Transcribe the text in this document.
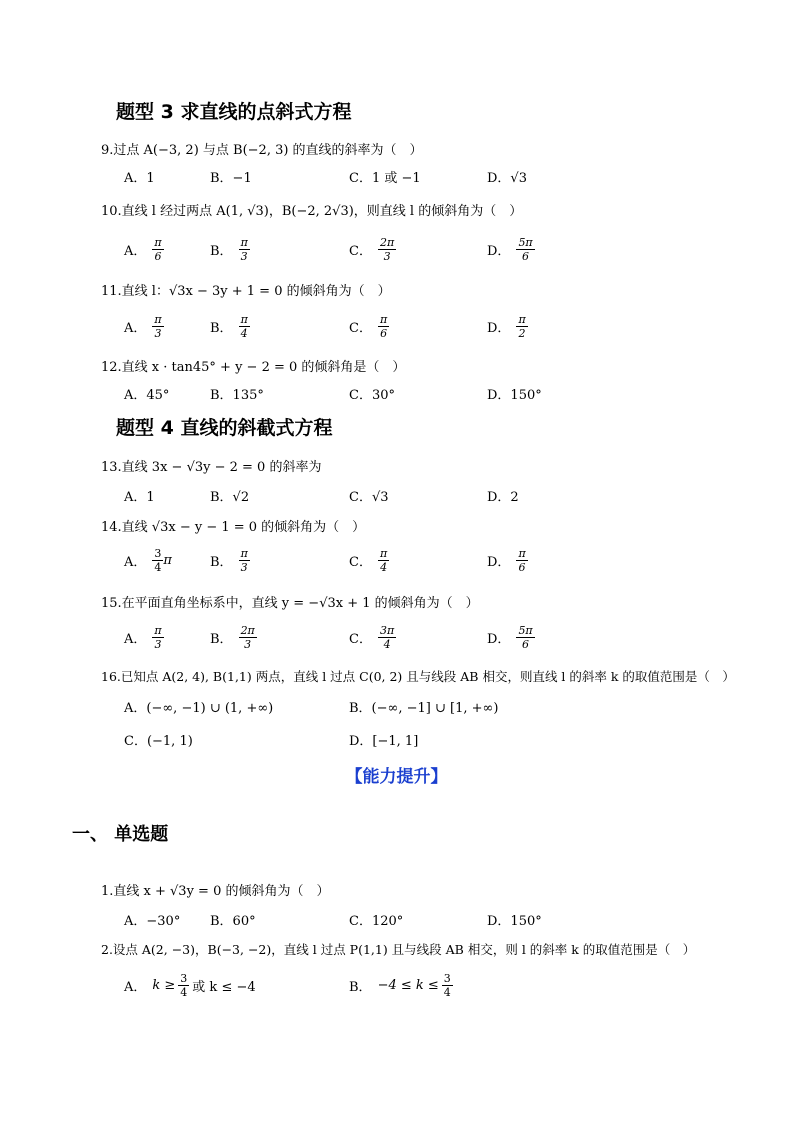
题型 3 求直线的点斜式方程
9.过点 A(−3, 2) 与点 B(−2, 3) 的直线的斜率为（　）
A．1	B．−1	C．1 或 −1	D．√3
10.直线 l 经过两点 A(1, √3)，B(−2, 2√3)，则直线 l 的倾斜角为（　）
A． $\frac{\pi}{6}$	B． $\frac{\pi}{3}$	C． $\frac{2\pi}{3}$	D． $\frac{5\pi}{6}$
11.直线 l：√3x − 3y + 1 = 0 的倾斜角为（　）
A． $\frac{\pi}{3}$	B． $\frac{\pi}{4}$	C． $\frac{\pi}{6}$	D． $\frac{\pi}{2}$
12.直线 x · tan45° + y − 2 = 0 的倾斜角是（　）
A．45°	B．135°	C．30°	D．150°
题型 4 直线的斜截式方程
13.直线 3x − √3y − 2 = 0 的斜率为
A．1	B．√2	C．√3	D．2
14.直线 √3x − y − 1 = 0 的倾斜角为（　）
A． $\frac{3}{4}$ π	B． $\frac{\pi}{3}$	C． $\frac{\pi}{4}$	D． $\frac{\pi}{6}$
15.在平面直角坐标系中，直线 y = −√3x + 1 的倾斜角为（　）
A． $\frac{\pi}{3}$	B． $\frac{2\pi}{3}$	C． $\frac{3\pi}{4}$	D． $\frac{5\pi}{6}$
16.已知点 A(2, 4), B(1,1) 两点，直线 l 过点 C(0, 2) 且与线段 AB 相交，则直线 l 的斜率 k 的取值范围是（　）
A．(−∞, −1) ∪ (1, +∞)	B．(−∞, −1] ∪ [1, +∞)
C．(−1, 1)	D．[−1, 1]
【能力提升】
一、 单选题
1.直线 x + √3y = 0 的倾斜角为（　）
A．−30° B．60°	C．120°	D．150°
2.设点 A(2, −3)，B(−3, −2)，直线 l 过点 P(1,1) 且与线段 AB 相交，则 l 的斜率 k 的取值范围是（　）
A． $k \ge \frac{3}{4}$ 或 k ≤ −4	B． $-4 \le k \le \frac{3}{4}$
